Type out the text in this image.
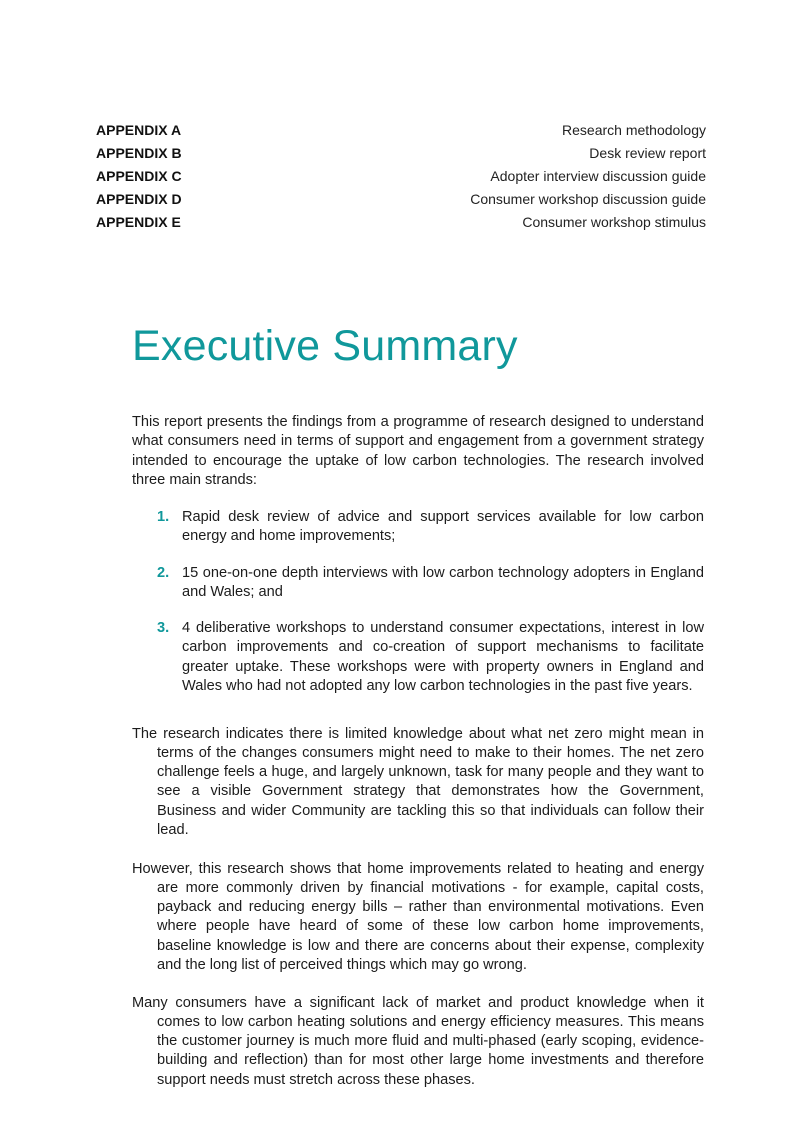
APPENDIX A	Research methodology
APPENDIX B	Desk review report
APPENDIX C	Adopter interview discussion guide
APPENDIX D	Consumer workshop discussion guide
APPENDIX E	Consumer workshop stimulus
Executive Summary

This report presents the findings from a programme of research designed to understand what consumers need in terms of support and engagement from a government strategy intended to encourage the uptake of low carbon technologies. The research involved three main strands:

1. Rapid desk review of advice and support services available for low carbon energy and home improvements;
2. 15 one-on-one depth interviews with low carbon technology adopters in England and Wales; and
3. 4 deliberative workshops to understand consumer expectations, interest in low carbon improvements and co-creation of support mechanisms to facilitate greater uptake. These workshops were with property owners in England and Wales who had not adopted any low carbon technologies in the past five years.

The research indicates there is limited knowledge about what net zero might mean in terms of the changes consumers might need to make to their homes. The net zero challenge feels a huge, and largely unknown, task for many people and they want to see a visible Government strategy that demonstrates how the Government, Business and wider Community are tackling this so that individuals can follow their lead.

However, this research shows that home improvements related to heating and energy are more commonly driven by financial motivations - for example, capital costs, payback and reducing energy bills – rather than environmental motivations. Even where people have heard of some of these low carbon home improvements, baseline knowledge is low and there are concerns about their expense, complexity and the long list of perceived things which may go wrong.

Many consumers have a significant lack of market and product knowledge when it comes to low carbon heating solutions and energy efficiency measures. This means the customer journey is much more fluid and multi-phased (early scoping, evidence-building and reflection) than for most other large home investments and therefore support needs must stretch across these phases.
